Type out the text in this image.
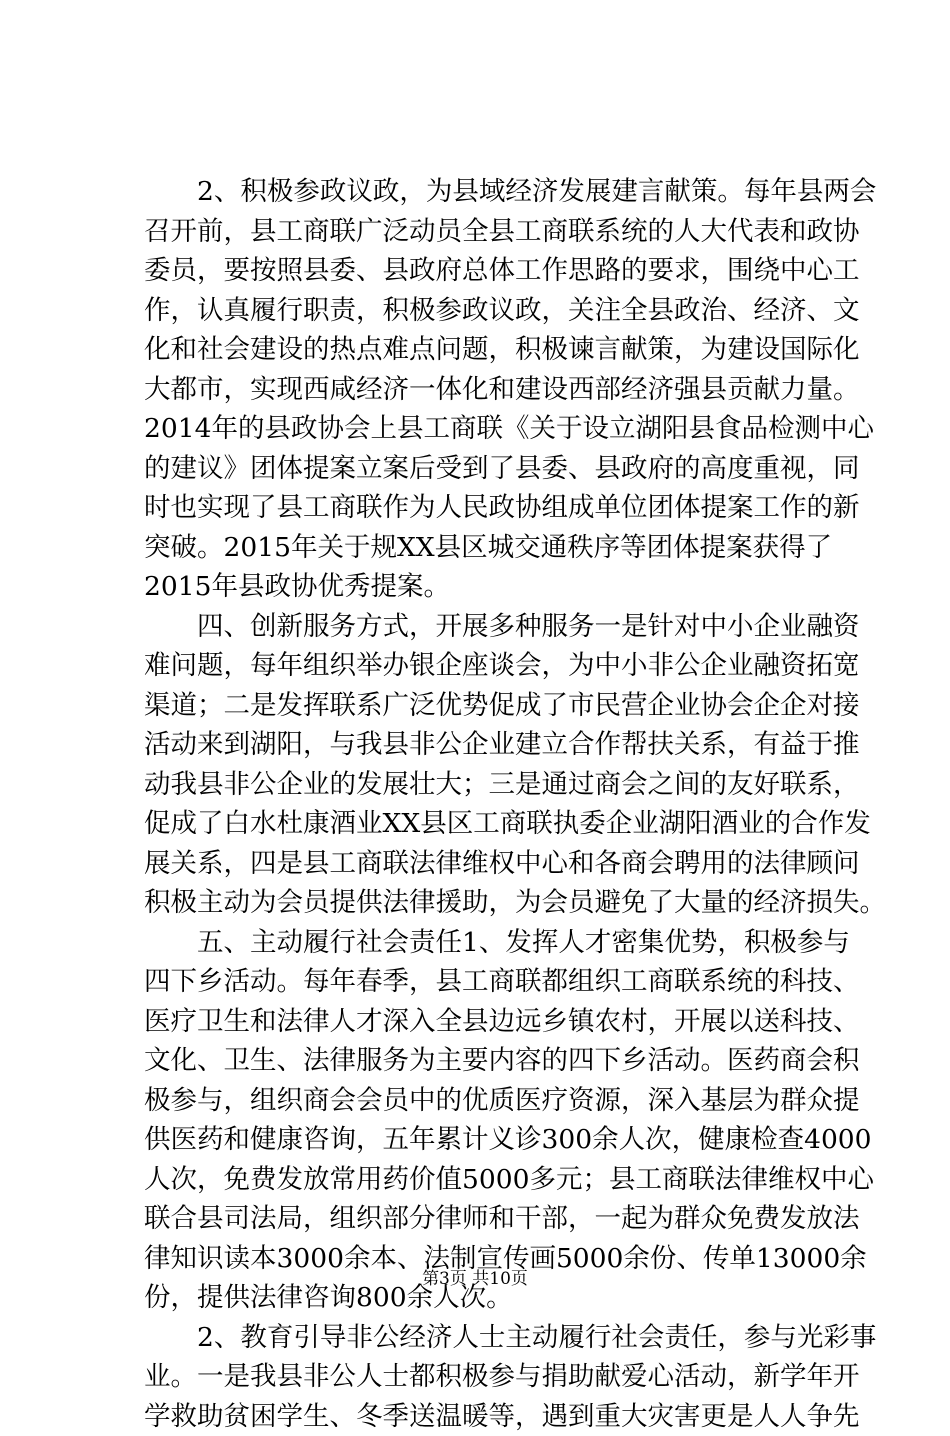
　　2、积极参政议政，为县域经济发展建言献策。每年县两会
召开前，县工商联广泛动员全县工商联系统的人大代表和政协
委员，要按照县委、县政府总体工作思路的要求，围绕中心工
作，认真履行职责，积极参政议政，关注全县政治、经济、文
化和社会建设的热点难点问题，积极谏言献策，为建设国际化
大都市，实现西咸经济一体化和建设西部经济强县贡献力量。
2014年的县政协会上县工商联《关于设立湖阳县食品检测中心
的建议》团体提案立案后受到了县委、县政府的高度重视，同
时也实现了县工商联作为人民政协组成单位团体提案工作的新
突破。2015年关于规XX县区城交通秩序等团体提案获得了
2015年县政协优秀提案。

　　四、创新服务方式，开展多种服务一是针对中小企业融资
难问题，每年组织举办银企座谈会，为中小非公企业融资拓宽
渠道；二是发挥联系广泛优势促成了市民营企业协会企企对接
活动来到湖阳，与我县非公企业建立合作帮扶关系，有益于推
动我县非公企业的发展壮大；三是通过商会之间的友好联系，
促成了白水杜康酒业XX县区工商联执委企业湖阳酒业的合作发
展关系，四是县工商联法律维权中心和各商会聘用的法律顾问
积极主动为会员提供法律援助，为会员避免了大量的经济损失。

　　五、主动履行社会责任1、发挥人才密集优势，积极参与
四下乡活动。每年春季，县工商联都组织工商联系统的科技、
医疗卫生和法律人才深入全县边远乡镇农村，开展以送科技、
文化、卫生、法律服务为主要内容的四下乡活动。医药商会积
极参与，组织商会会员中的优质医疗资源，深入基层为群众提
供医药和健康咨询，五年累计义诊300余人次，健康检查4000
人次，免费发放常用药价值5000多元；县工商联法律维权中心
联合县司法局，组织部分律师和干部，一起为群众免费发放法
律知识读本3000余本、法制宣传画5000余份、传单13000余
份，提供法律咨询800余人次。

　　2、教育引导非公经济人士主动履行社会责任，参与光彩事
业。一是我县非公人士都积极参与捐助献爱心活动，新学年开
学救助贫困学生、冬季送温暖等，遇到重大灾害更是人人争先

第3页 共10页
